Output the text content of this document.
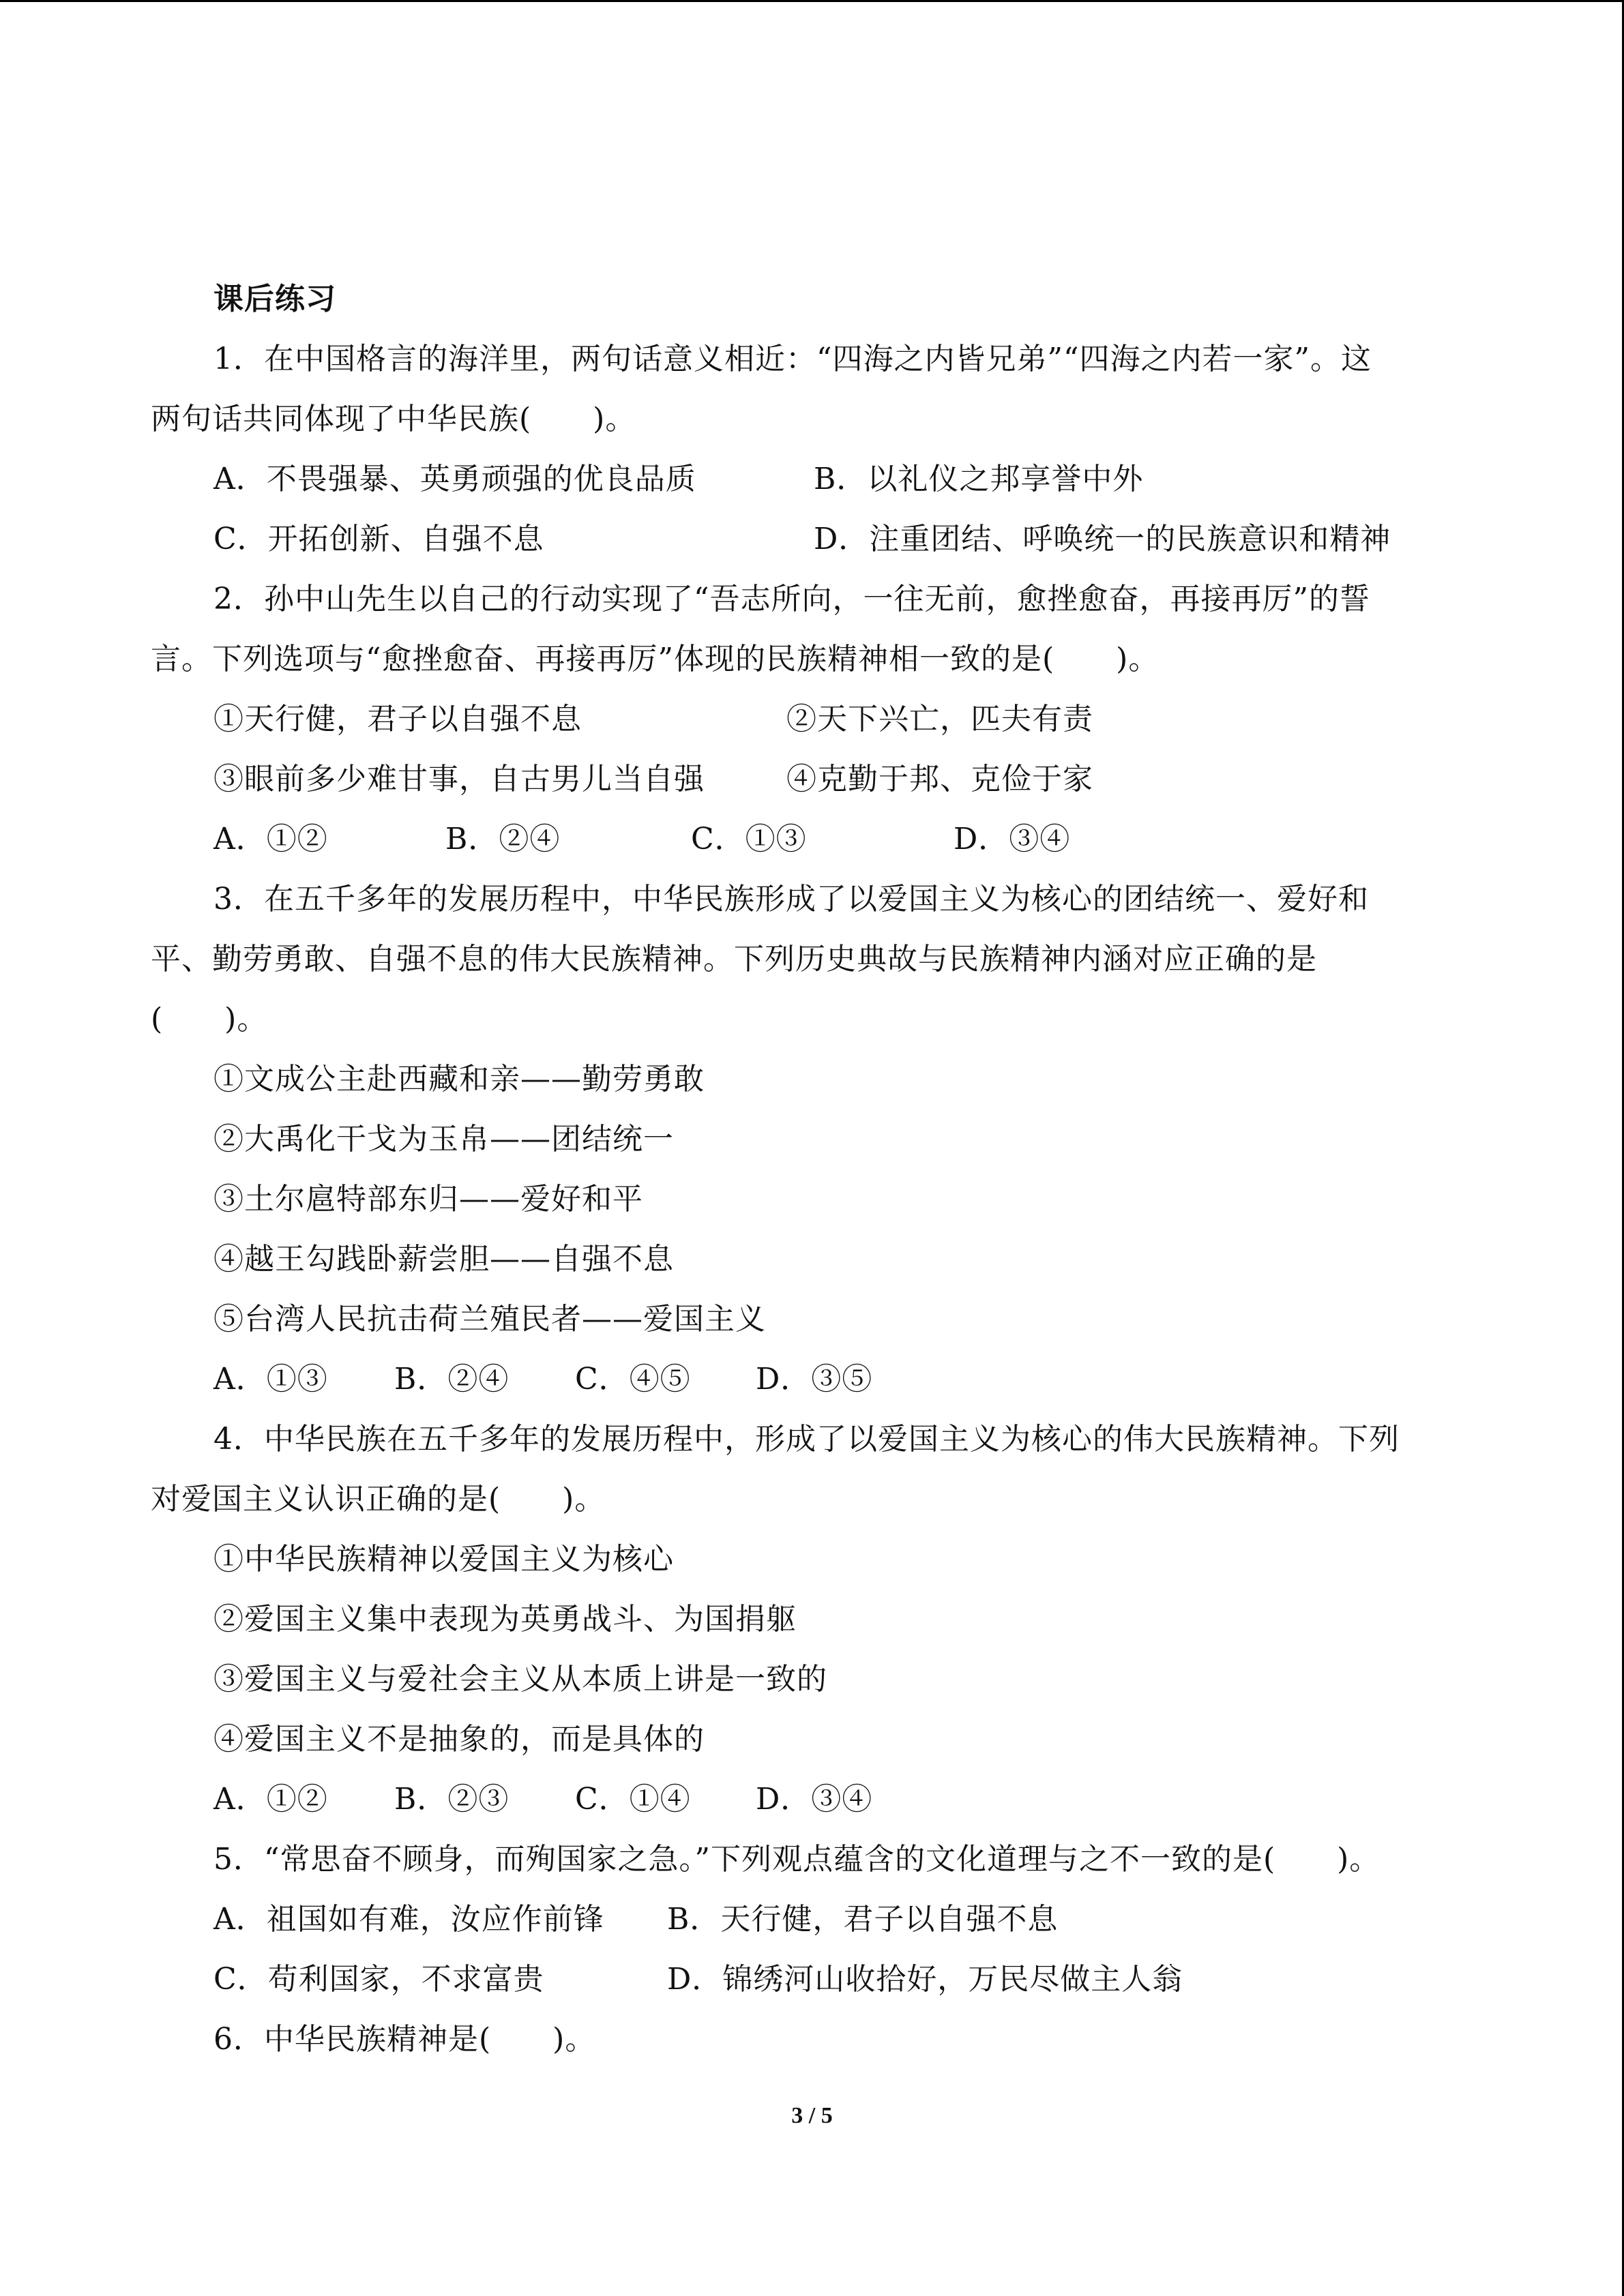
课后练习
1．在中国格言的海洋里，两句话意义相近：“四海之内皆兄弟”“四海之内若一家”。这
两句话共同体现了中华民族(　　)。
A．不畏强暴、英勇顽强的优良品质	B．以礼仪之邦享誉中外
C．开拓创新、自强不息	D．注重团结、呼唤统一的民族意识和精神
2．孙中山先生以自己的行动实现了“吾志所向，一往无前，愈挫愈奋，再接再厉”的誓
言。下列选项与“愈挫愈奋、再接再厉”体现的民族精神相一致的是(　　)。
①天行健，君子以自强不息	②天下兴亡，匹夫有责
③眼前多少难甘事，自古男儿当自强	④克勤于邦、克俭于家
A．①②	B．②④	C．①③	D．③④
3．在五千多年的发展历程中，中华民族形成了以爱国主义为核心的团结统一、爱好和
平、勤劳勇敢、自强不息的伟大民族精神。下列历史典故与民族精神内涵对应正确的是
(　　)。
①文成公主赴西藏和亲——勤劳勇敢
②大禹化干戈为玉帛——团结统一
③土尔扈特部东归——爱好和平
④越王勾践卧薪尝胆——自强不息
⑤台湾人民抗击荷兰殖民者——爱国主义
A．①③	B．②④	C．④⑤	D．③⑤
4．中华民族在五千多年的发展历程中，形成了以爱国主义为核心的伟大民族精神。下列
对爱国主义认识正确的是(　　)。
①中华民族精神以爱国主义为核心
②爱国主义集中表现为英勇战斗、为国捐躯
③爱国主义与爱社会主义从本质上讲是一致的
④爱国主义不是抽象的，而是具体的
A．①②	B．②③	C．①④	D．③④
5．“常思奋不顾身，而殉国家之急。”下列观点蕴含的文化道理与之不一致的是(　　)。
A．祖国如有难，汝应作前锋	B．天行健，君子以自强不息
C．苟利国家，不求富贵	D．锦绣河山收拾好，万民尽做主人翁
6．中华民族精神是(　　)。
3 / 5
